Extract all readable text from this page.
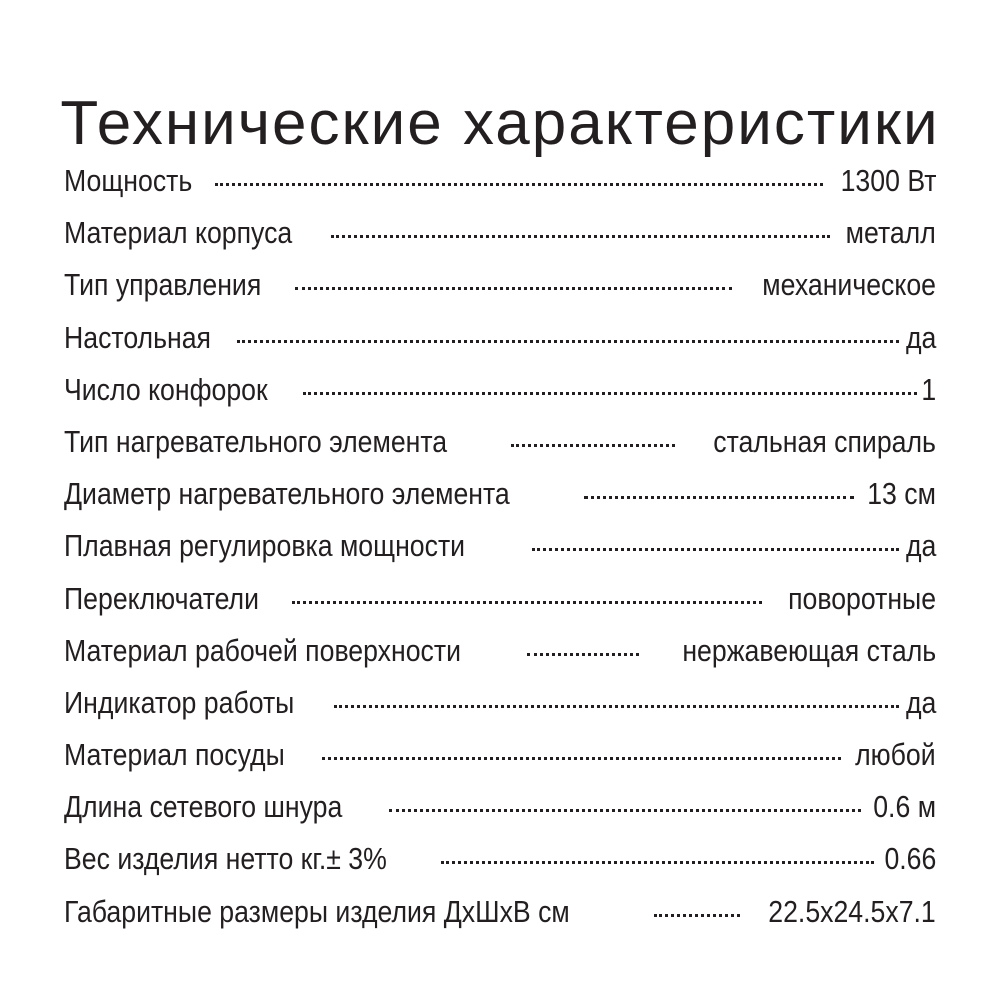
Технические характеристики
Мощность	1300 Вт
Материал корпуса	металл
Тип управления	механическое
Настольная	да
Число конфорок	1
Тип нагревательного элемента	стальная спираль
Диаметр нагревательного элемента	13 см
Плавная регулировка мощности	да
Переключатели	поворотные
Материал рабочей поверхности	нержавеющая сталь
Индикатор работы	да
Материал посуды	любой
Длина сетевого шнура	0.6 м
Вес изделия нетто кг.± 3%	0.66
Габаритные размеры изделия ДхШхВ см	22.5x24.5x7.1
